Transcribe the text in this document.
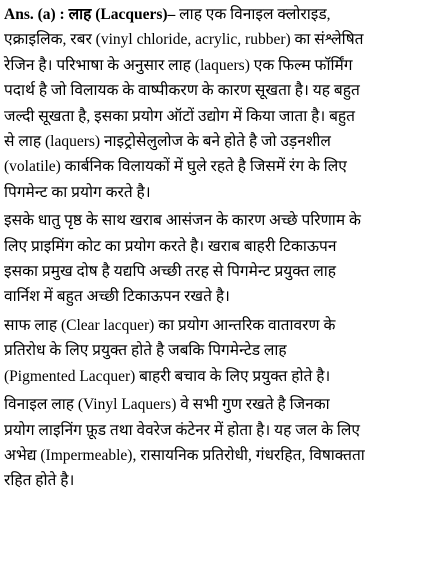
Ans. (a) : लाह (Lacquers)– लाह एक विनाइल क्लोराइड,
एक्राइलिक, रबर (vinyl chloride, acrylic, rubber) का संश्लेषित
रेजिन है। परिभाषा के अनुसार लाह (laquers) एक फिल्म फॉर्मिंग
पदार्थ है जो विलायक के वाष्पीकरण के कारण सूखता है। यह बहुत
जल्दी सूखता है, इसका प्रयोग ऑटों उद्योग में किया जाता है। बहुत
से लाह (laquers) नाइट्रोसेलुलोज के बने होते है जो उड़नशील
(volatile) कार्बनिक विलायकों में घुले रहते है जिसमें रंग के लिए
पिगमेन्ट का प्रयोग करते है।
इसके धातु पृष्ठ के साथ खराब आसंजन के कारण अच्छे परिणाम के
लिए प्राइमिंग कोट का प्रयोग करते है। खराब बाहरी टिकाऊपन
इसका प्रमुख दोष है यद्यपि अच्छी तरह से पिगमेन्ट प्रयुक्त लाह
वार्निश में बहुत अच्छी टिकाऊपन रखते है।
साफ लाह (Clear lacquer) का प्रयोग आन्तरिक वातावरण के
प्रतिरोध के लिए प्रयुक्त होते है जबकि पिगमेन्टेड लाह
(Pigmented Lacquer) बाहरी बचाव के लिए प्रयुक्त होते है।
विनाइल लाह (Vinyl Laquers) वे सभी गुण रखते है जिनका
प्रयोग लाइनिंग फ़ूड तथा वेवरेज कंटेनर में होता है। यह जल के लिए
अभेद्य (Impermeable), रासायनिक प्रतिरोधी, गंधरहित, विषाक्तता
रहित होते है।
